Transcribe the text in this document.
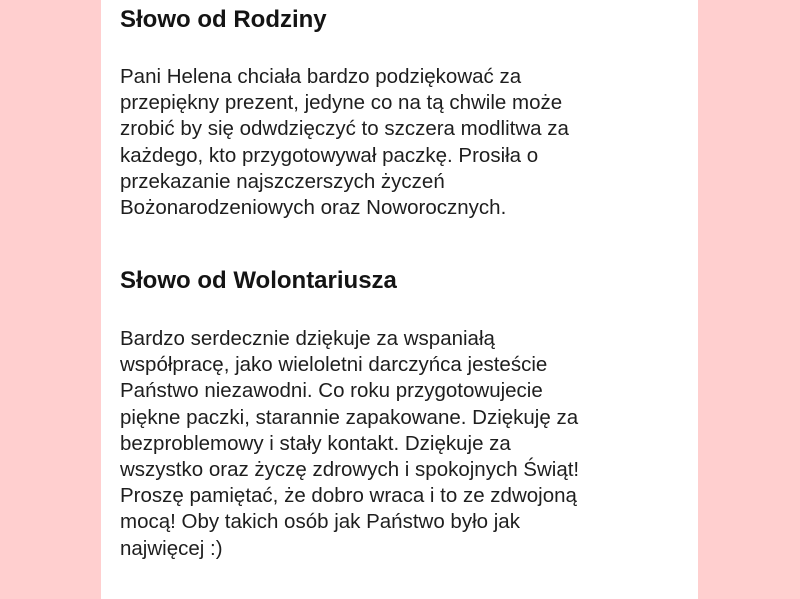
Słowo od Rodziny

Pani Helena chciała bardzo podziękować za
przepiękny prezent, jedyne co na tą chwile może
zrobić by się odwdzięczyć to szczera modlitwa za
każdego, kto przygotowywał paczkę. Prosiła o
przekazanie najszczerszych życzeń
Bożonarodzeniowych oraz Noworocznych.

Słowo od Wolontariusza

Bardzo serdecznie dziękuje za wspaniałą
współpracę, jako wieloletni darczyńca jesteście
Państwo niezawodni. Co roku przygotowujecie
piękne paczki, starannie zapakowane. Dziękuję za
bezproblemowy i stały kontakt. Dziękuje za
wszystko oraz życzę zdrowych i spokojnych Świąt!
Proszę pamiętać, że dobro wraca i to ze zdwojoną
mocą! Oby takich osób jak Państwo było jak
najwięcej :)
